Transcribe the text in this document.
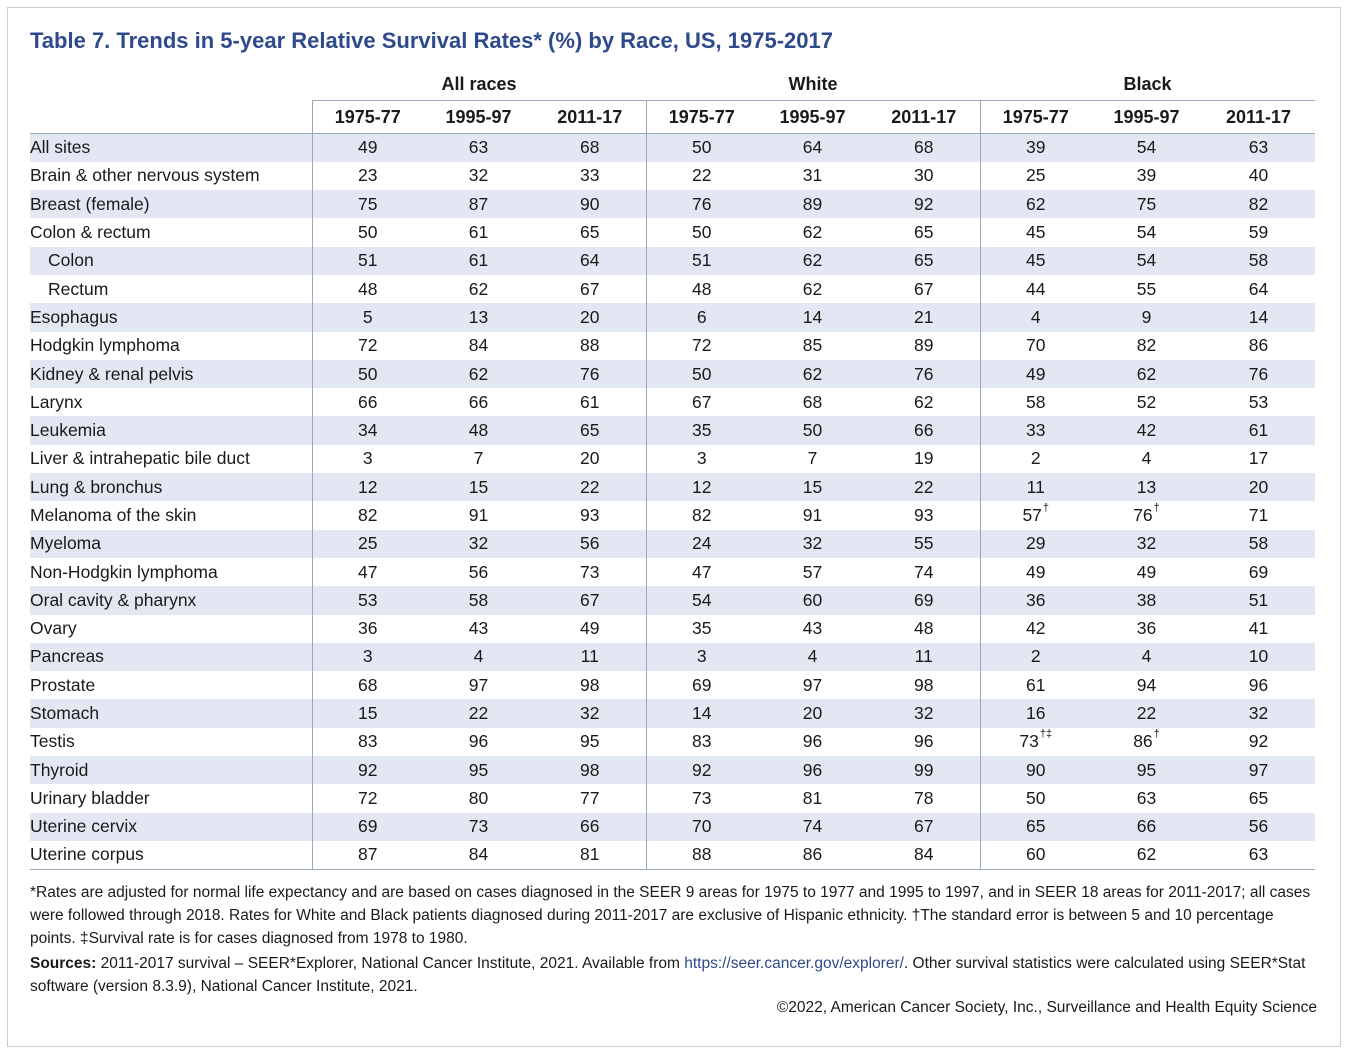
Table 7. Trends in 5-year Relative Survival Rates* (%) by Race, US, 1975-2017
	All races			White			Black		
	1975-77	1995-97	2011-17	1975-77	1995-97	2011-17	1975-77	1995-97	2011-17
All sites	49	63	68	50	64	68	39	54	63
Brain & other nervous system	23	32	33	22	31	30	25	39	40
Breast (female)	75	87	90	76	89	92	62	75	82
Colon & rectum	50	61	65	50	62	65	45	54	59
Colon	51	61	64	51	62	65	45	54	58
Rectum	48	62	67	48	62	67	44	55	64
Esophagus	5	13	20	6	14	21	4	9	14
Hodgkin lymphoma	72	84	88	72	85	89	70	82	86
Kidney & renal pelvis	50	62	76	50	62	76	49	62	76
Larynx	66	66	61	67	68	62	58	52	53
Leukemia	34	48	65	35	50	66	33	42	61
Liver & intrahepatic bile duct	3	7	20	3	7	19	2	4	17
Lung & bronchus	12	15	22	12	15	22	11	13	20
Melanoma of the skin	82	91	93	82	91	93	57†	76†	71
Myeloma	25	32	56	24	32	55	29	32	58
Non-Hodgkin lymphoma	47	56	73	47	57	74	49	49	69
Oral cavity & pharynx	53	58	67	54	60	69	36	38	51
Ovary	36	43	49	35	43	48	42	36	41
Pancreas	3	4	11	3	4	11	2	4	10
Prostate	68	97	98	69	97	98	61	94	96
Stomach	15	22	32	14	20	32	16	22	32
Testis	83	96	95	83	96	96	73†‡	86†	92
Thyroid	92	95	98	92	96	99	90	95	97
Urinary bladder	72	80	77	73	81	78	50	63	65
Uterine cervix	69	73	66	70	74	67	65	66	56
Uterine corpus	87	84	81	88	86	84	60	62	63
*Rates are adjusted for normal life expectancy and are based on cases diagnosed in the SEER 9 areas for 1975 to 1977 and 1995 to 1997, and in SEER 18 areas for 2011-2017; all cases were followed through 2018. Rates for White and Black patients diagnosed during 2011-2017 are exclusive of Hispanic ethnicity. †The standard error is between 5 and 10 percentage points. ‡Survival rate is for cases diagnosed from 1978 to 1980.
Sources: 2011-2017 survival – SEER*Explorer, National Cancer Institute, 2021. Available from https://seer.cancer.gov/explorer/. Other survival statistics were calculated using SEER*Stat software (version 8.3.9), National Cancer Institute, 2021.
©2022, American Cancer Society, Inc., Surveillance and Health Equity Science
